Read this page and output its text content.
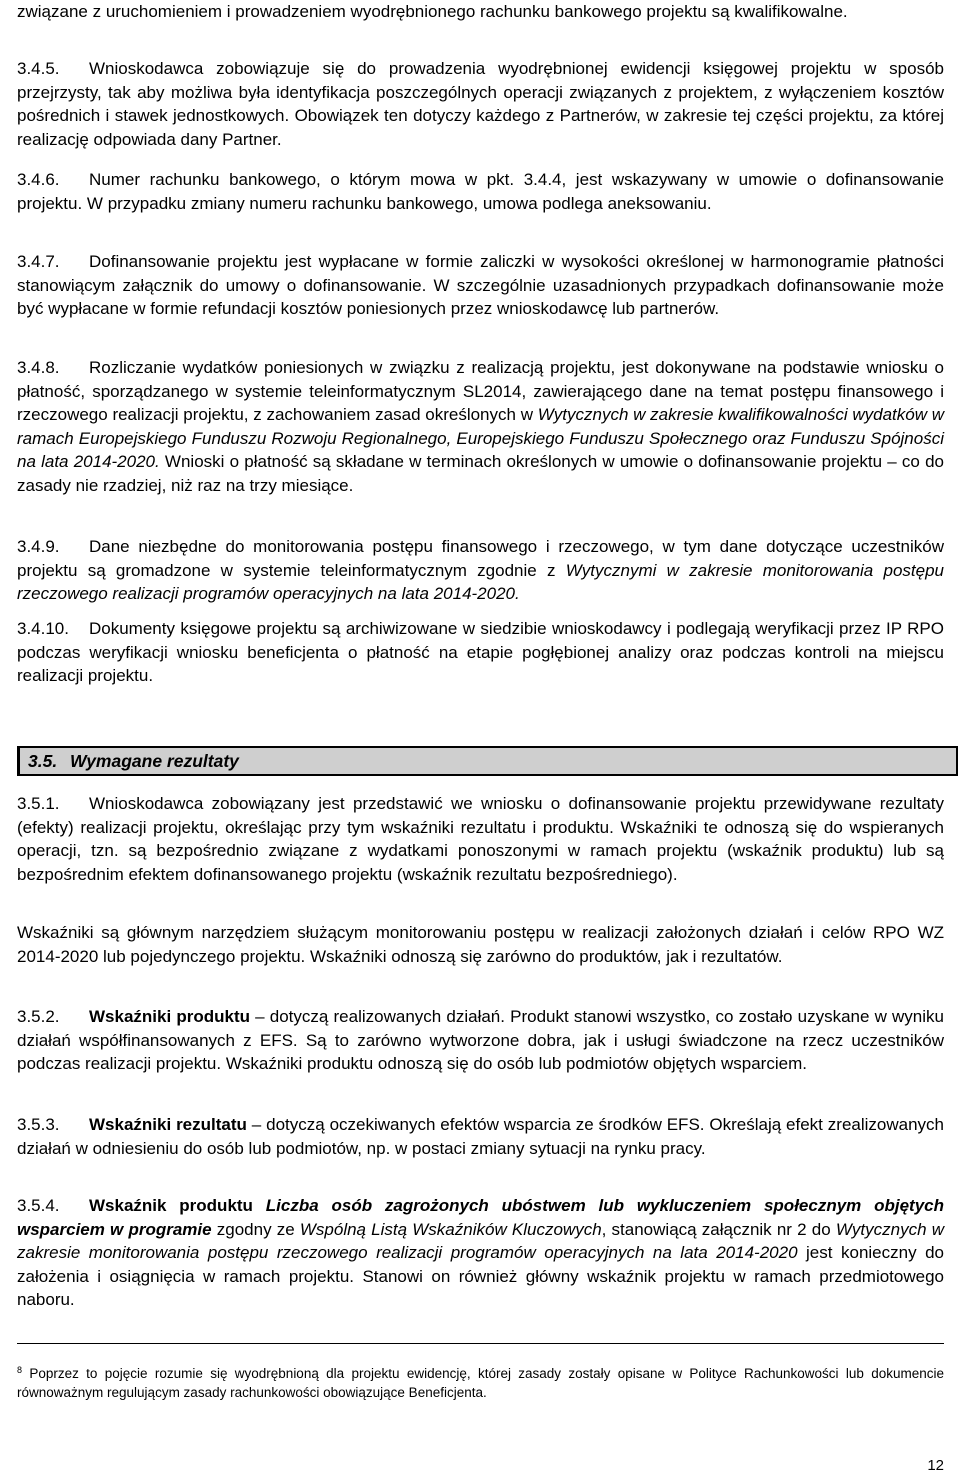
związane z uruchomieniem i prowadzeniem wyodrębnionego rachunku bankowego projektu są kwalifikowalne.

3.4.5. Wnioskodawca zobowiązuje się do prowadzenia wyodrębnionej ewidencji księgowej projektu w sposób przejrzysty, tak aby możliwa była identyfikacja poszczególnych operacji związanych z projektem, z wyłączeniem kosztów pośrednich i stawek jednostkowych. Obowiązek ten dotyczy każdego z Partnerów, w zakresie tej części projektu, za której realizację odpowiada dany Partner.

3.4.6. Numer rachunku bankowego, o którym mowa w pkt. 3.4.4, jest wskazywany w umowie o dofinansowanie projektu. W przypadku zmiany numeru rachunku bankowego, umowa podlega aneksowaniu.

3.4.7. Dofinansowanie projektu jest wypłacane w formie zaliczki w wysokości określonej w harmonogramie płatności stanowiącym załącznik do umowy o dofinansowanie. W szczególnie uzasadnionych przypadkach dofinansowanie może być wypłacane w formie refundacji kosztów poniesionych przez wnioskodawcę lub partnerów.

3.4.8. Rozliczanie wydatków poniesionych w związku z realizacją projektu, jest dokonywane na podstawie wniosku o płatność, sporządzanego w systemie teleinformatycznym SL2014, zawierającego dane na temat postępu finansowego i rzeczowego realizacji projektu, z zachowaniem zasad określonych w Wytycznych w zakresie kwalifikowalności wydatków w ramach Europejskiego Funduszu Rozwoju Regionalnego, Europejskiego Funduszu Społecznego oraz Funduszu Spójności na lata 2014-2020. Wnioski o płatność są składane w terminach określonych w umowie o dofinansowanie projektu – co do zasady nie rzadziej, niż raz na trzy miesiące.

3.4.9. Dane niezbędne do monitorowania postępu finansowego i rzeczowego, w tym dane dotyczące uczestników projektu są gromadzone w systemie teleinformatycznym zgodnie z Wytycznymi w zakresie monitorowania postępu rzeczowego realizacji programów operacyjnych na lata 2014-2020.

3.4.10. Dokumenty księgowe projektu są archiwizowane w siedzibie wnioskodawcy i podlegają weryfikacji przez IP RPO podczas weryfikacji wniosku beneficjenta o płatność na etapie pogłębionej analizy oraz podczas kontroli na miejscu realizacji projektu.

3.5. Wymagane rezultaty

3.5.1. Wnioskodawca zobowiązany jest przedstawić we wniosku o dofinansowanie projektu przewidywane rezultaty (efekty) realizacji projektu, określając przy tym wskaźniki rezultatu i produktu. Wskaźniki te odnoszą się do wspieranych operacji, tzn. są bezpośrednio związane z wydatkami ponoszonymi w ramach projektu (wskaźnik produktu) lub są bezpośrednim efektem dofinansowanego projektu (wskaźnik rezultatu bezpośredniego).

Wskaźniki są głównym narzędziem służącym monitorowaniu postępu w realizacji założonych działań i celów RPO WZ 2014-2020 lub pojedynczego projektu. Wskaźniki odnoszą się zarówno do produktów, jak i rezultatów.

3.5.2. Wskaźniki produktu – dotyczą realizowanych działań. Produkt stanowi wszystko, co zostało uzyskane w wyniku działań współfinansowanych z EFS. Są to zarówno wytworzone dobra, jak i usługi świadczone na rzecz uczestników podczas realizacji projektu. Wskaźniki produktu odnoszą się do osób lub podmiotów objętych wsparciem.

3.5.3. Wskaźniki rezultatu – dotyczą oczekiwanych efektów wsparcia ze środków EFS. Określają efekt zrealizowanych działań w odniesieniu do osób lub podmiotów, np. w postaci zmiany sytuacji na rynku pracy.

3.5.4. Wskaźnik produktu Liczba osób zagrożonych ubóstwem lub wykluczeniem społecznym objętych wsparciem w programie zgodny ze Wspólną Listą Wskaźników Kluczowych, stanowiącą załącznik nr 2 do Wytycznych w zakresie monitorowania postępu rzeczowego realizacji programów operacyjnych na lata 2014-2020 jest konieczny do założenia i osiągnięcia w ramach projektu. Stanowi on również główny wskaźnik projektu w ramach przedmiotowego naboru.

$^8$ Poprzez to pojęcie rozumie się wyodrębnioną dla projektu ewidencję, której zasady zostały opisane w Polityce Rachunkowości lub dokumencie równoważnym regulującym zasady rachunkowości obowiązujące Beneficjenta.

12
